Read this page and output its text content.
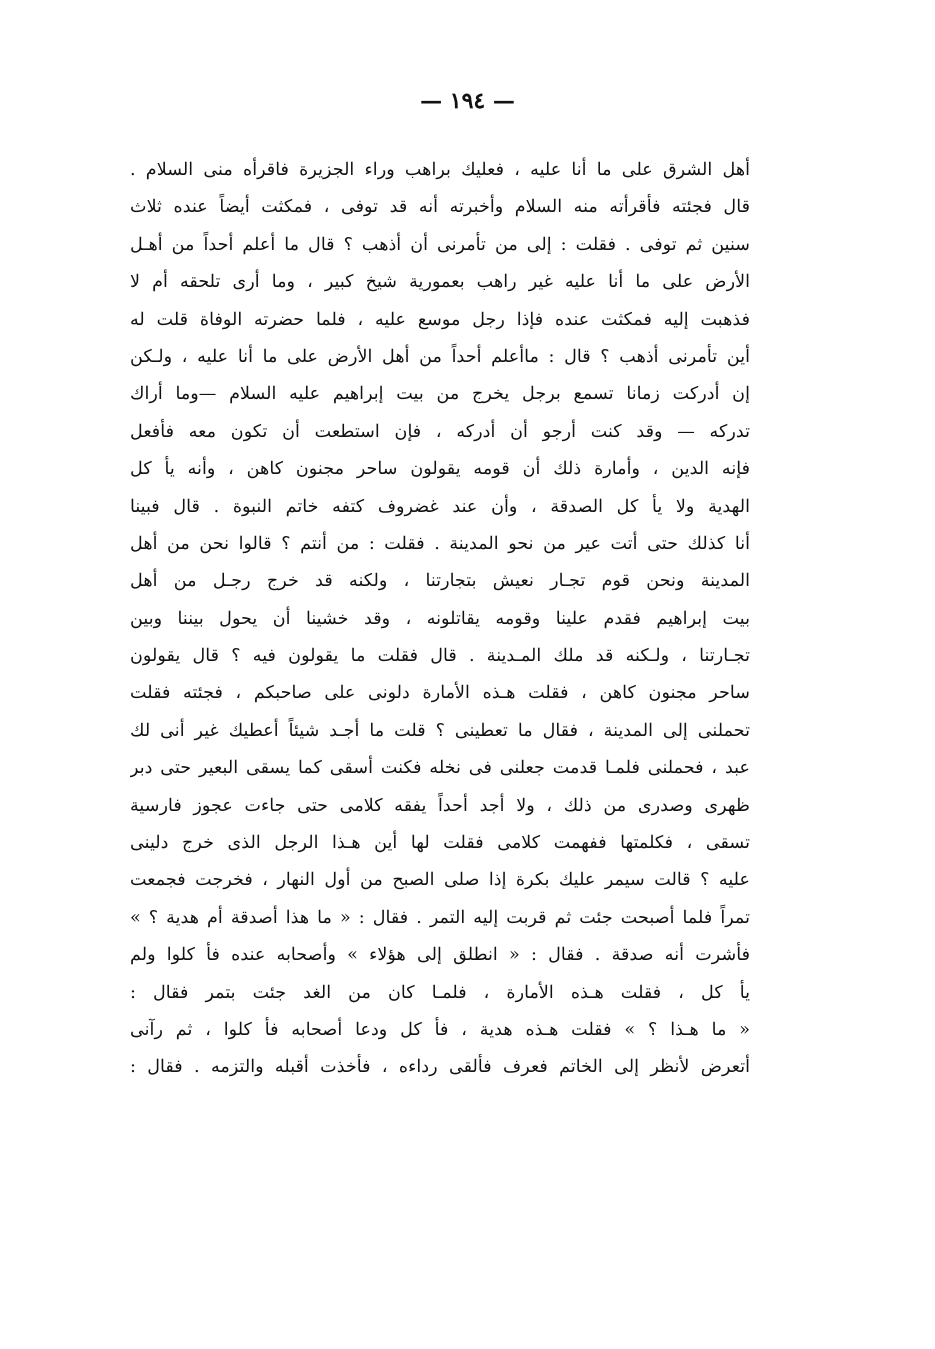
— ١٩٤ —
أهل الشرق على ما أنا عليه ، فعليك براهب وراء الجزيرة فاقرأه منى السلام .
قال فجئته فأقرأته منه السلام وأخبرته أنه قد توفى ، فمكثت أيضاً عنده ثلاث
سنين ثم توفى . فقلت : إلى من تأمرنى أن أذهب ؟ قال ما أعلم أحداً من أهـل
الأرض على ما أنا عليه غير راهب بعمورية شيخ كبير ، وما أرى تلحقه أم لا
فذهبت إليه فمكثت عنده فإذا رجل موسع عليه ، فلما حضرته الوفاة قلت له
أين تأمرنى أذهب ؟ قال : ماأعلم أحداً من أهل الأرض على ما أنا عليه ، ولـكن
إن أدركت زمانا تسمع برجل يخرج من بيت إبراهيم عليه السلام —وما أراك
تدركه — وقد كنت أرجو أن أدركه ، فإن استطعت أن تكون معه فأفعل
فإنه الدين ، وأمارة ذلك أن قومه يقولون ساحر مجنون كاهن ، وأنه يأ كل
الهدية ولا يأ كل الصدقة ، وأن عند غضروف كتفه خاتم النبوة . قال فبينا
أنا كذلك حتى أتت عير من نحو المدينة . فقلت : من أنتم ؟ قالوا نحن من أهل
المدينة ونحن قوم تجـار نعيش بتجارتنا ، ولكنه قد خرج رجـل من أهل
بيت إبراهيم فقدم علينا وقومه يقاتلونه ، وقد خشينا أن يحول بيننا وبين
تجـارتنا ، ولـكنه قد ملك المـدينة . قال فقلت ما يقولون فيه ؟ قال يقولون
ساحر مجنون كاهن ، فقلت هـذه الأمارة دلونى على صاحبكم ، فجئته فقلت
تحملنى إلى المدينة ، فقال ما تعطينى ؟ قلت ما أجـد شيئاً أعطيك غير أنى لك
عبد ، فحملنى فلمـا قدمت جعلنى فى نخله فكنت أسقى كما يسقى البعير حتى دبر
ظهرى وصدرى من ذلك ، ولا أجد أحداً يفقه كلامى حتى جاءت عجوز فارسية
تسقى ، فكلمتها ففهمت كلامى فقلت لها أين هـذا الرجل الذى خرج دلينى
عليه ؟ قالت سيمر عليك بكرة إذا صلى الصبح من أول النهار ، فخرجت فجمعت
تمراً فلما أصبحت جئت ثم قربت إليه التمر . فقال : « ما هذا أصدقة أم هدية ؟ »
فأشرت أنه صدقة . فقال : « انطلق إلى هؤلاء » وأصحابه عنده فأ كلوا ولم
يأ كل ، فقلت هـذه الأمارة ، فلمـا كان من الغد جئت بتمر فقال :
« ما هـذا ؟ » فقلت هـذه هدية ، فأ كل ودعا أصحابه فأ كلوا ، ثم رآنى
أتعرض لأنظر إلى الخاتم فعرف فألقى رداءه ، فأخذت أقبله والتزمه . فقال :
